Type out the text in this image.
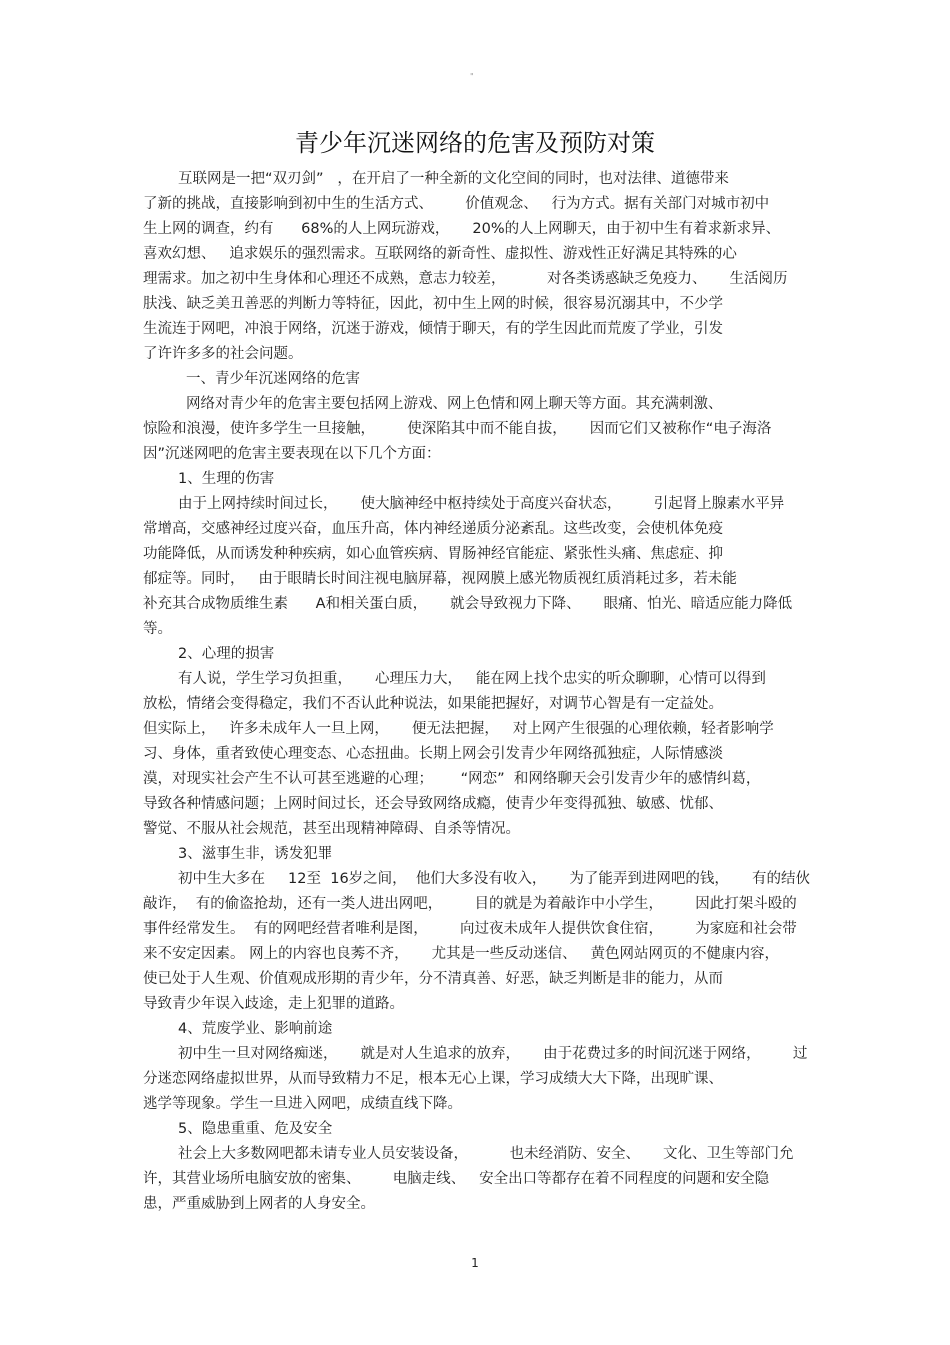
"
青少年沉迷网络的危害及预防对策
互联网是一把“双刃剑”   ，在开启了一种全新的文化空间的同时，也对法律、道德带来
了新的挑战，直接影响到初中生的生活方式、       价值观念、   行为方式。据有关部门对城市初中
生上网的调查，约有      68%的人上网玩游戏，     20%的人上网聊天，由于初中生有着求新求异、
喜欢幻想、   追求娱乐的强烈需求。互联网络的新奇性、虚拟性、游戏性正好满足其特殊的心
理需求。加之初中生身体和心理还不成熟，意志力较差，         对各类诱惑缺乏免疫力、     生活阅历
肤浅、缺乏美丑善恶的判断力等特征，因此，初中生上网的时候，很容易沉溺其中，不少学
生流连于网吧，冲浪于网络，沉迷于游戏，倾情于聊天，有的学生因此而荒废了学业，引发
了许许多多的社会问题。
一、青少年沉迷网络的危害
网络对青少年的危害主要包括网上游戏、网上色情和网上聊天等方面。其充满刺激、
惊险和浪漫，使许多学生一旦接触，       使深陷其中而不能自拔，     因而它们又被称作“电子海洛
因”沉迷网吧的危害主要表现在以下几个方面：
1、生理的伤害
由于上网持续时间过长，     使大脑神经中枢持续处于高度兴奋状态，       引起肾上腺素水平异
常增高，交感神经过度兴奋，血压升高，体内神经递质分泌紊乱。这些改变，会使机体免疫
功能降低，从而诱发种种疾病，如心血管疾病、胃肠神经官能症、紧张性头痛、焦虑症、抑
郁症等。同时，   由于眼睛长时间注视电脑屏幕，视网膜上感光物质视红质消耗过多，若未能
补充其合成物质维生素      A和相关蛋白质，     就会导致视力下降、     眼痛、怕光、暗适应能力降低
等。
2、心理的损害
有人说，学生学习负担重，     心理压力大，   能在网上找个忠实的听众聊聊，心情可以得到
放松，情绪会变得稳定，我们不否认此种说法，如果能把握好，对调节心智是有一定益处。
但实际上，   许多未成年人一旦上网，     便无法把握，   对上网产生很强的心理依赖，轻者影响学
习、身体，重者致使心理变态、心态扭曲。长期上网会引发青少年网络孤独症，人际情感淡
漠，对现实社会产生不认可甚至逃避的心理；      “网恋”  和网络聊天会引发青少年的感情纠葛，
导致各种情感问题；上网时间过长，还会导致网络成瘾，使青少年变得孤独、敏感、忧郁、
警觉、不服从社会规范，甚至出现精神障碍、自杀等情况。
3、滋事生非，诱发犯罪
初中生大多在     12至  16岁之间，  他们大多没有收入，     为了能弄到进网吧的钱，     有的结伙
敲诈，  有的偷盗抢劫，还有一类人进出网吧，       目的就是为着敲诈中小学生，       因此打架斗殴的
事件经常发生。  有的网吧经营者唯利是图，       向过夜未成年人提供饮食住宿，       为家庭和社会带
来不安定因素。 网上的内容也良莠不齐，     尤其是一些反动迷信、   黄色网站网页的不健康内容，
使已处于人生观、价值观成形期的青少年，分不清真善、好恶，缺乏判断是非的能力，从而
导致青少年误入歧途，走上犯罪的道路。
4、荒废学业、影响前途
初中生一旦对网络痴迷，     就是对人生追求的放弃，     由于花费过多的时间沉迷于网络，       过
分迷恋网络虚拟世界，从而导致精力不足，根本无心上课，学习成绩大大下降，出现旷课、
逃学等现象。学生一旦进入网吧，成绩直线下降。
5、隐患重重、危及安全
社会上大多数网吧都未请专业人员安装设备，         也未经消防、安全、     文化、卫生等部门允
许，其营业场所电脑安放的密集、       电脑走线、   安全出口等都存在着不同程度的问题和安全隐
患，严重威胁到上网者的人身安全。
1
